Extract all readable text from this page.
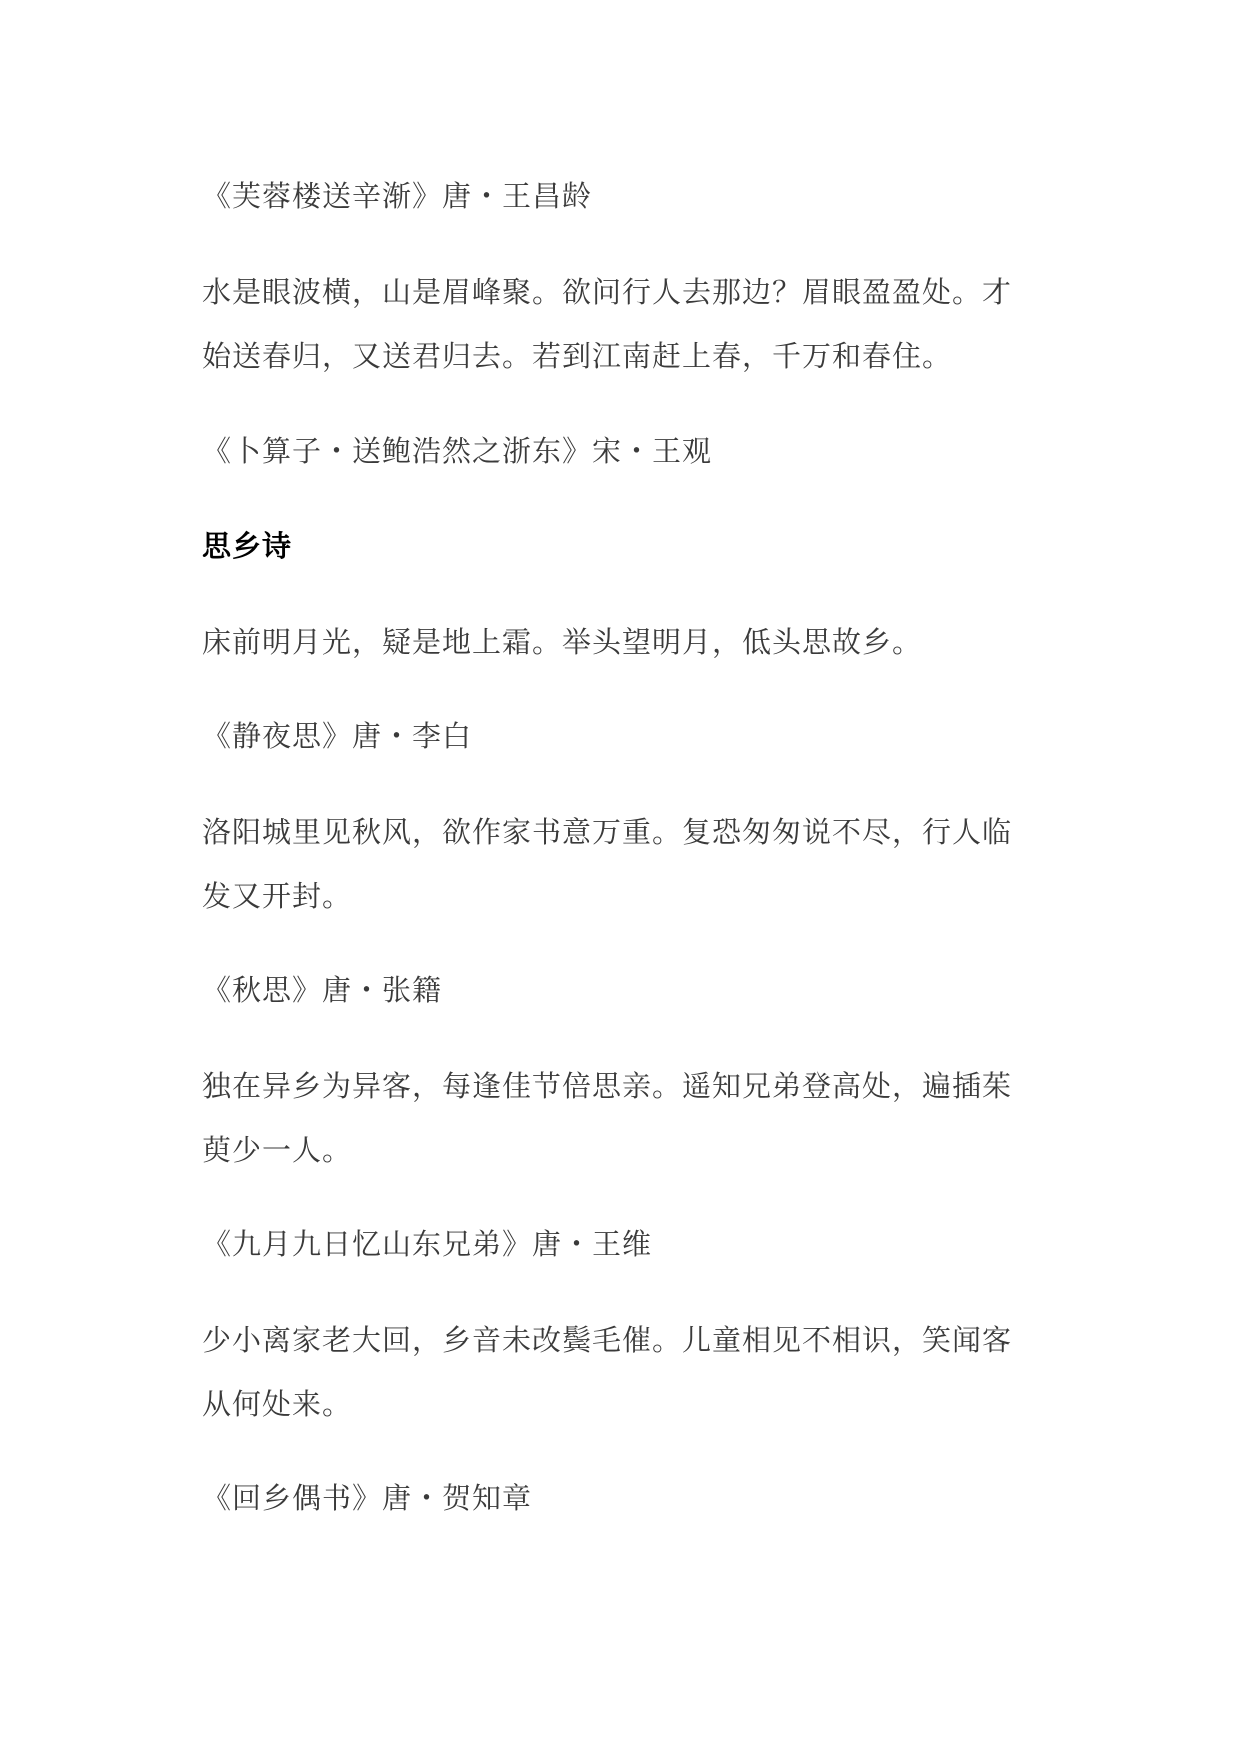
《芙蓉楼送辛渐》唐・王昌龄
水是眼波横，山是眉峰聚。欲问行人去那边？眉眼盈盈处。才
始送春归，又送君归去。若到江南赶上春，千万和春住。
《卜算子・送鲍浩然之浙东》宋・王观
思乡诗
床前明月光，疑是地上霜。举头望明月，低头思故乡。
《静夜思》唐・李白
洛阳城里见秋风，欲作家书意万重。复恐匆匆说不尽，行人临
发又开封。
《秋思》唐・张籍
独在异乡为异客，每逢佳节倍思亲。遥知兄弟登高处，遍插茱
萸少一人。
《九月九日忆山东兄弟》唐・王维
少小离家老大回，乡音未改鬓毛催。儿童相见不相识，笑闻客
从何处来。
《回乡偶书》唐・贺知章
